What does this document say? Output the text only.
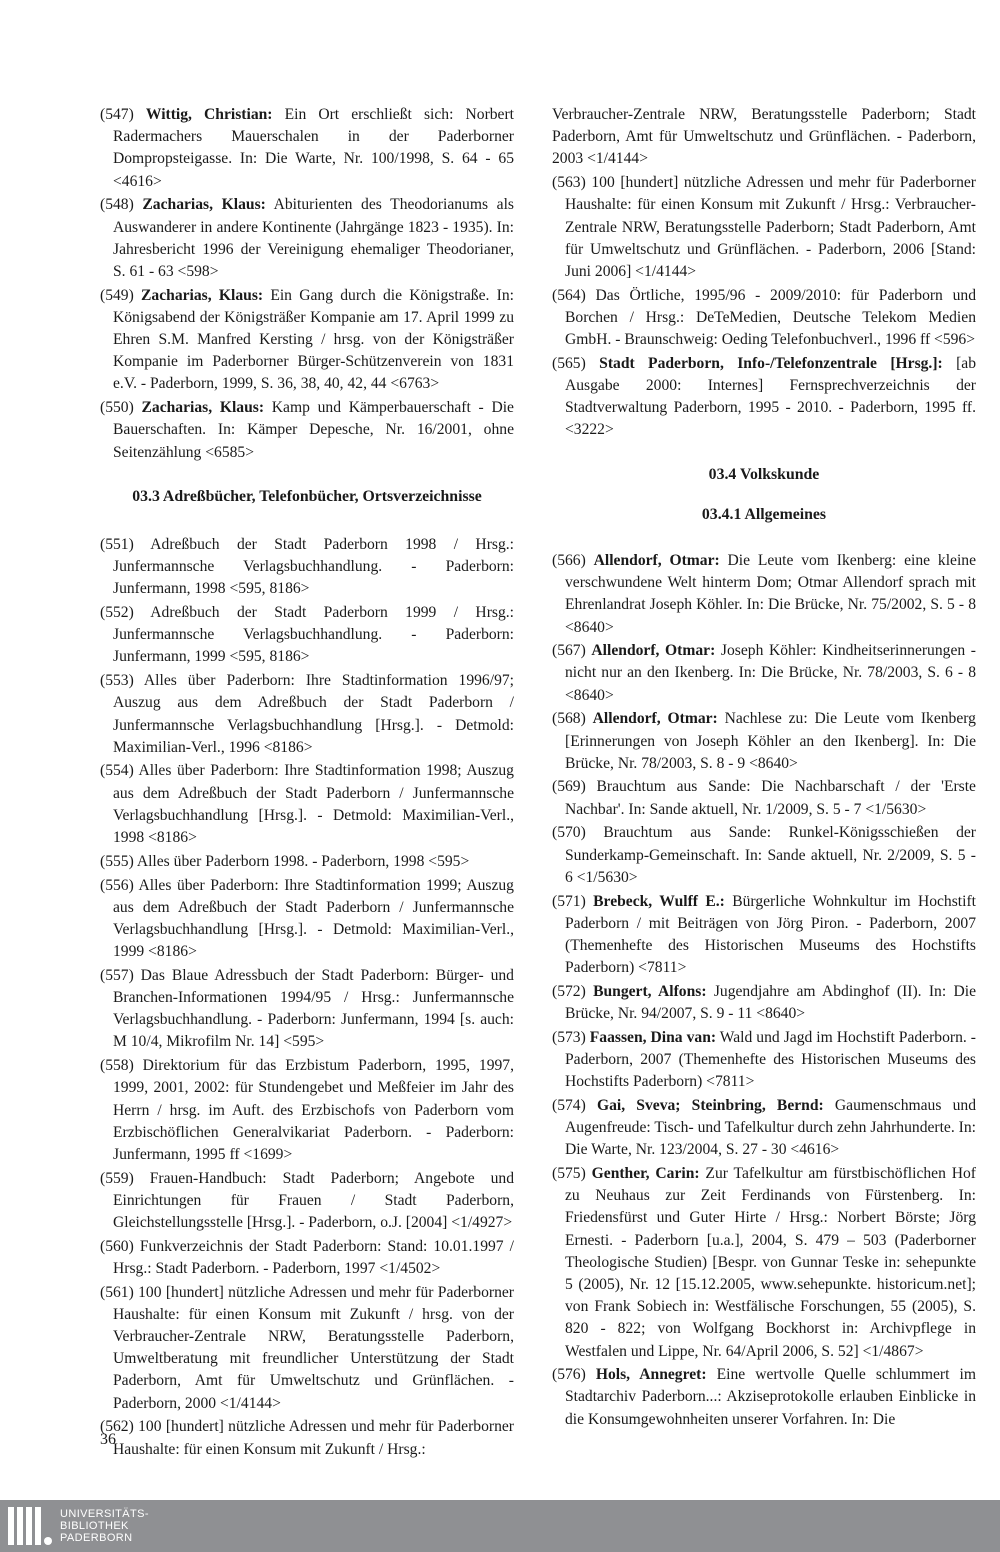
(547) Wittig, Christian: Ein Ort erschließt sich: Norbert Radermachers Mauerschalen in der Paderborner Dompropsteigasse. In: Die Warte, Nr. 100/1998, S. 64 - 65 <4616>

(548) Zacharias, Klaus: Abiturienten des Theodorianums als Auswanderer in andere Kontinente (Jahrgänge 1823 - 1935). In: Jahresbericht 1996 der Vereinigung ehemaliger Theodorianer, S. 61 - 63 <598>

(549) Zacharias, Klaus: Ein Gang durch die Königstraße. In: Königsabend der Königsträßer Kompanie am 17. April 1999 zu Ehren S.M. Manfred Kersting / hrsg. von der Königsträßer Kompanie im Paderborner Bürger-Schützenverein von 1831 e.V. - Paderborn, 1999, S. 36, 38, 40, 42, 44 <6763>

(550) Zacharias, Klaus: Kamp und Kämperbauerschaft - Die Bauerschaften. In: Kämper Depesche, Nr. 16/2001, ohne Seitenzählung <6585>

03.3 Adreßbücher, Telefonbücher, Ortsverzeichnisse

(551) Adreßbuch der Stadt Paderborn 1998 / Hrsg.: Junfermannsche Verlagsbuchhandlung. - Paderborn: Junfermann, 1998 <595, 8186>

(552) Adreßbuch der Stadt Paderborn 1999 / Hrsg.: Junfermannsche Verlagsbuchhandlung. - Paderborn: Junfermann, 1999 <595, 8186>

(553) Alles über Paderborn: Ihre Stadtinformation 1996/97; Auszug aus dem Adreßbuch der Stadt Paderborn / Junfermannsche Verlagsbuchhandlung [Hrsg.]. - Detmold: Maximilian-Verl., 1996 <8186>

(554) Alles über Paderborn: Ihre Stadtinformation 1998; Auszug aus dem Adreßbuch der Stadt Paderborn / Junfermannsche Verlagsbuchhandlung [Hrsg.]. - Detmold: Maximilian-Verl., 1998 <8186>

(555) Alles über Paderborn 1998. - Paderborn, 1998 <595>

(556) Alles über Paderborn: Ihre Stadtinformation 1999; Auszug aus dem Adreßbuch der Stadt Paderborn / Junfermannsche Verlagsbuchhandlung [Hrsg.]. - Detmold: Maximilian-Verl., 1999 <8186>

(557) Das Blaue Adressbuch der Stadt Paderborn: Bürger- und Branchen-Informationen 1994/95 / Hrsg.: Junfermannsche Verlagsbuchhandlung. - Paderborn: Junfermann, 1994 [s. auch: M 10/4, Mikrofilm Nr. 14] <595>

(558) Direktorium für das Erzbistum Paderborn, 1995, 1997, 1999, 2001, 2002: für Stundengebet und Meßfeier im Jahr des Herrn / hrsg. im Auft. des Erzbischofs von Paderborn vom Erzbischöflichen Generalvikariat Paderborn. - Paderborn: Junfermann, 1995 ff <1699>

(559) Frauen-Handbuch: Stadt Paderborn; Angebote und Einrichtungen für Frauen / Stadt Paderborn, Gleichstellungsstelle [Hrsg.]. - Paderborn, o.J. [2004] <1/4927>

(560) Funkverzeichnis der Stadt Paderborn: Stand: 10.01.1997 / Hrsg.: Stadt Paderborn. - Paderborn, 1997 <1/4502>

(561) 100 [hundert] nützliche Adressen und mehr für Paderborner Haushalte: für einen Konsum mit Zukunft / hrsg. von der Verbraucher-Zentrale NRW, Beratungsstelle Paderborn, Umweltberatung mit freundlicher Unterstützung der Stadt Paderborn, Amt für Umweltschutz und Grünflächen. - Paderborn, 2000 <1/4144>

(562) 100 [hundert] nützliche Adressen und mehr für Paderborner Haushalte: für einen Konsum mit Zukunft / Hrsg.:

Verbraucher-Zentrale NRW, Beratungsstelle Paderborn; Stadt Paderborn, Amt für Umweltschutz und Grünflächen. - Paderborn, 2003 <1/4144>

(563) 100 [hundert] nützliche Adressen und mehr für Paderborner Haushalte: für einen Konsum mit Zukunft / Hrsg.: Verbraucher-Zentrale NRW, Beratungsstelle Paderborn; Stadt Paderborn, Amt für Umweltschutz und Grünflächen. - Paderborn, 2006 [Stand: Juni 2006] <1/4144>

(564) Das Örtliche, 1995/96 - 2009/2010: für Paderborn und Borchen / Hrsg.: DeTeMedien, Deutsche Telekom Medien GmbH. - Braunschweig: Oeding Telefonbuchverl., 1996 ff <596>

(565) Stadt Paderborn, Info-/Telefonzentrale [Hrsg.]: [ab Ausgabe 2000: Internes] Fernsprechverzeichnis der Stadtverwaltung Paderborn, 1995 - 2010. - Paderborn, 1995 ff. <3222>

03.4 Volkskunde
03.4.1 Allgemeines

(566) Allendorf, Otmar: Die Leute vom Ikenberg: eine kleine verschwundene Welt hinterm Dom; Otmar Allendorf sprach mit Ehrenlandrat Joseph Köhler. In: Die Brücke, Nr. 75/2002, S. 5 - 8 <8640>

(567) Allendorf, Otmar: Joseph Köhler: Kindheitserinnerungen - nicht nur an den Ikenberg. In: Die Brücke, Nr. 78/2003, S. 6 - 8 <8640>

(568) Allendorf, Otmar: Nachlese zu: Die Leute vom Ikenberg [Erinnerungen von Joseph Köhler an den Ikenberg]. In: Die Brücke, Nr. 78/2003, S. 8 - 9 <8640>

(569) Brauchtum aus Sande: Die Nachbarschaft / der 'Erste Nachbar'. In: Sande aktuell, Nr. 1/2009, S. 5 - 7 <1/5630>

(570) Brauchtum aus Sande: Runkel-Königsschießen der Sunderkamp-Gemeinschaft. In: Sande aktuell, Nr. 2/2009, S. 5 - 6 <1/5630>

(571) Brebeck, Wulff E.: Bürgerliche Wohnkultur im Hochstift Paderborn / mit Beiträgen von Jörg Piron. - Paderborn, 2007 (Themenhefte des Historischen Museums des Hochstifts Paderborn) <7811>

(572) Bungert, Alfons: Jugendjahre am Abdinghof (II). In: Die Brücke, Nr. 94/2007, S. 9 - 11 <8640>

(573) Faassen, Dina van: Wald und Jagd im Hochstift Paderborn. - Paderborn, 2007 (Themenhefte des Historischen Museums des Hochstifts Paderborn) <7811>

(574) Gai, Sveva; Steinbring, Bernd: Gaumenschmaus und Augenfreude: Tisch- und Tafelkultur durch zehn Jahrhunderte. In: Die Warte, Nr. 123/2004, S. 27 - 30 <4616>

(575) Genther, Carin: Zur Tafelkultur am fürstbischöflichen Hof zu Neuhaus zur Zeit Ferdinands von Fürstenberg. In: Friedensfürst und Guter Hirte / Hrsg.: Norbert Börste; Jörg Ernesti. - Paderborn [u.a.], 2004, S. 479 – 503 (Paderborner Theologische Studien) [Bespr. von Gunnar Teske in: sehepunkte 5 (2005), Nr. 12 [15.12.2005, www.sehepunkte. historicum.net]; von Frank Sobiech in: Westfälische Forschungen, 55 (2005), S. 820 - 822; von Wolfgang Bockhorst in: Archivpflege in Westfalen und Lippe, Nr. 64/April 2006, S. 52] <1/4867>

(576) Hols, Annegret: Eine wertvolle Quelle schlummert im Stadtarchiv Paderborn...: Akziseprotokolle erlauben Einblicke in die Konsumgewohnheiten unserer Vorfahren. In: Die

36
UNIVERSITÄTS-
BIBLIOTHEK
PADERBORN
